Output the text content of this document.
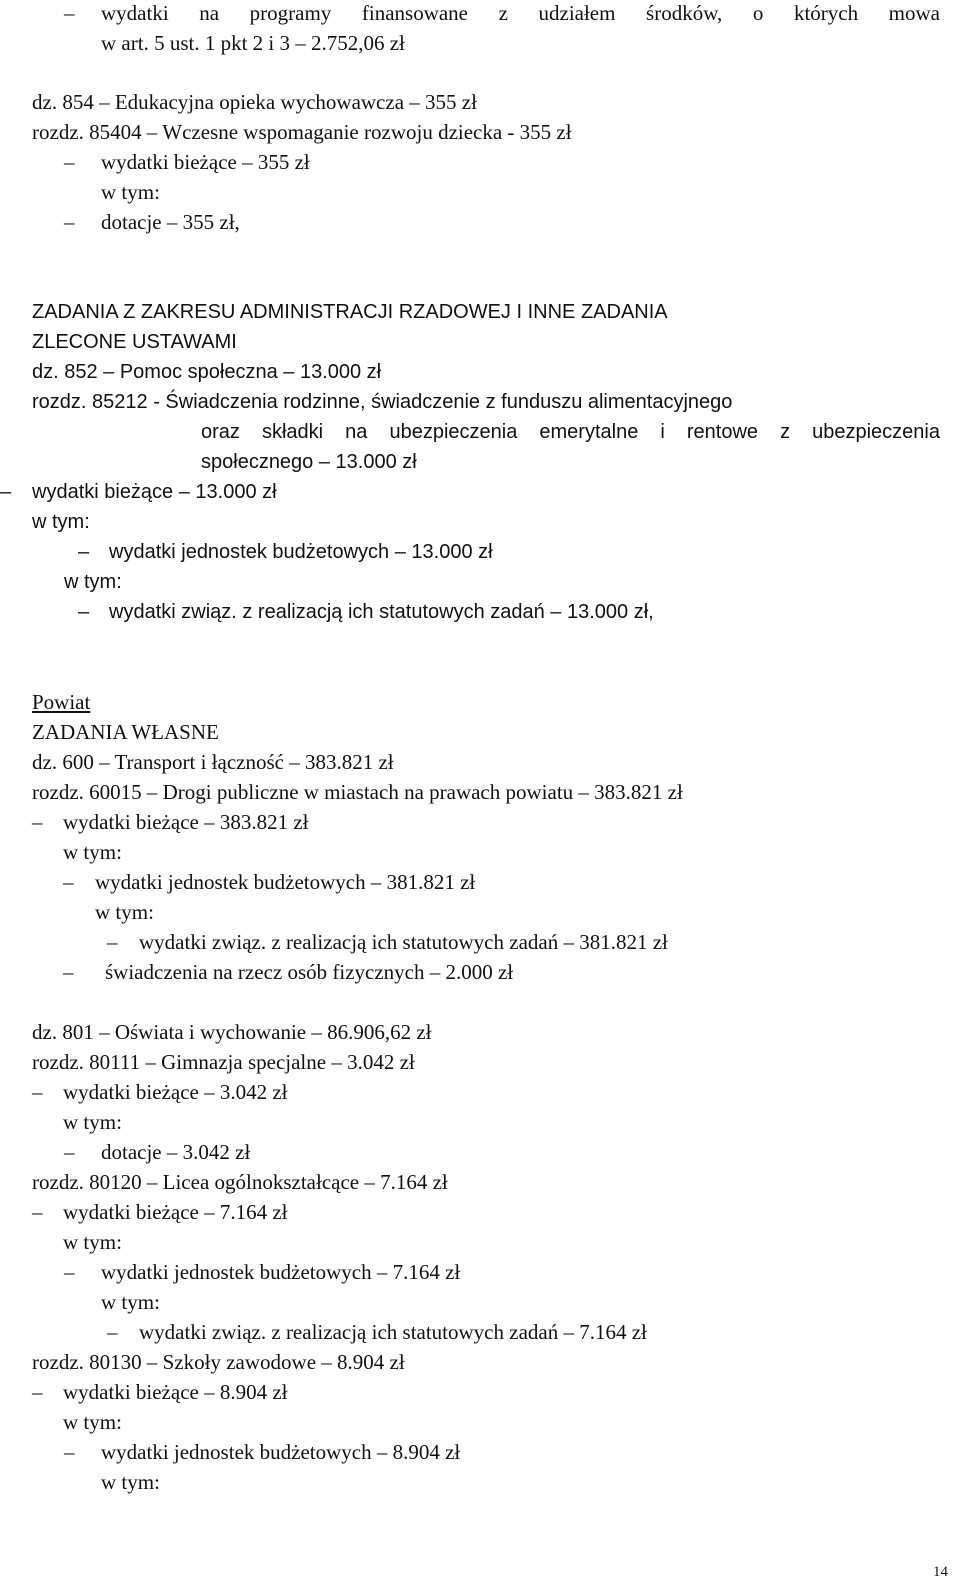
wydatki na programy finansowane z udziałem środków, o których mowa
–
w art. 5 ust. 1 pkt 2 i 3 – 2.752,06 zł
dz. 854 – Edukacyjna opieka wychowawcza – 355 zł
rozdz. 85404 – Wczesne wspomaganie rozwoju dziecka - 355 zł
wydatki bieżące – 355 zł
–
w tym:
dotacje – 355 zł,
–
ZADANIA Z ZAKRESU ADMINISTRACJI RZADOWEJ I INNE ZADANIA
ZLECONE USTAWAMI
dz. 852 – Pomoc społeczna – 13.000 zł
rozdz. 85212 - Świadczenia rodzinne, świadczenie z funduszu alimentacyjnego
oraz składki na ubezpieczenia emerytalne i rentowe z ubezpieczenia
społecznego – 13.000 zł
wydatki bieżące – 13.000 zł
–
w tym:
wydatki jednostek budżetowych – 13.000 zł
–
w tym:
wydatki związ. z realizacją ich statutowych zadań – 13.000 zł,
–
Powiat
ZADANIA WŁASNE
dz. 600 – Transport i łączność – 383.821 zł
rozdz. 60015 – Drogi publiczne w miastach na prawach powiatu – 383.821 zł
wydatki bieżące – 383.821 zł
–
w tym:
wydatki jednostek budżetowych – 381.821 zł
–
w tym:
wydatki związ. z realizacją ich statutowych zadań – 381.821 zł
–
świadczenia na rzecz osób fizycznych – 2.000 zł
–
dz. 801 – Oświata i wychowanie – 86.906,62 zł
rozdz. 80111 – Gimnazja specjalne – 3.042 zł
wydatki bieżące – 3.042 zł
–
w tym:
dotacje – 3.042 zł
–
rozdz. 80120 – Licea ogólnokształcące – 7.164 zł
wydatki bieżące – 7.164 zł
–
w tym:
wydatki jednostek budżetowych – 7.164 zł
–
w tym:
wydatki związ. z realizacją ich statutowych zadań – 7.164 zł
–
rozdz. 80130 – Szkoły zawodowe – 8.904 zł
wydatki bieżące – 8.904 zł
–
w tym:
wydatki jednostek budżetowych – 8.904 zł
–
w tym:
14
